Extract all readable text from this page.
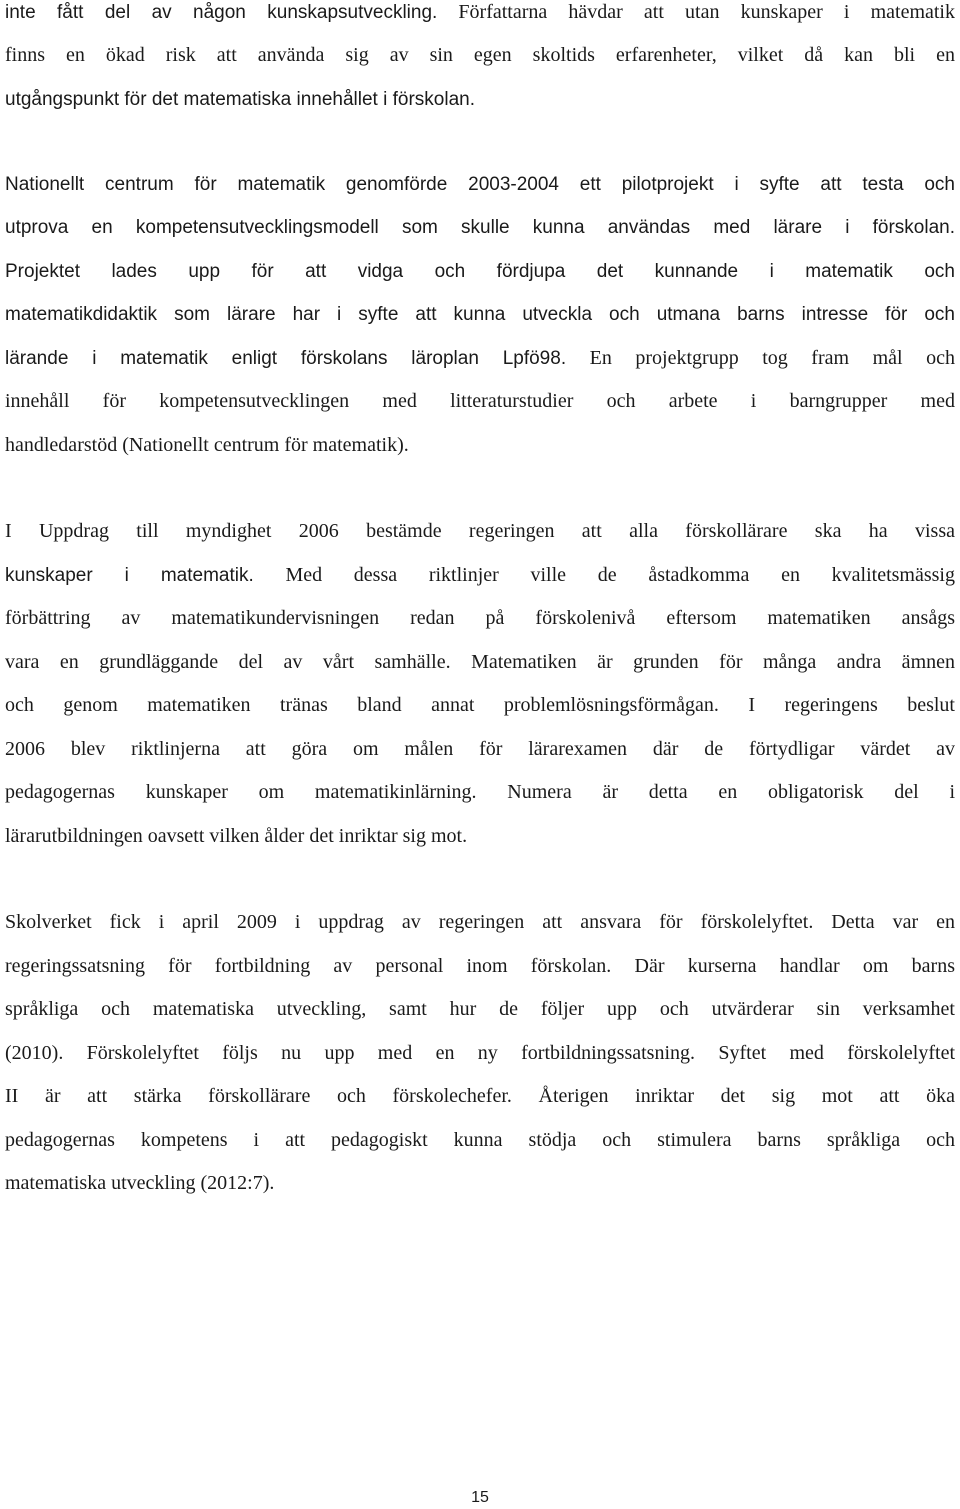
inte fått del av någon kunskapsutveckling. Författarna hävdar att utan kunskaper i matematik
finns en ökad risk att använda sig av sin egen skoltids erfarenheter, vilket då kan bli en
utgångspunkt för det matematiska innehållet i förskolan.
Nationellt centrum för matematik genomförde 2003-2004 ett pilotprojekt i syfte att testa och
utprova en kompetensutvecklingsmodell som skulle kunna användas med lärare i förskolan.
Projektet lades upp för att vidga och fördjupa det kunnande i matematik och
matematikdidaktik som lärare har i syfte att kunna utveckla och utmana barns intresse för och
lärande i matematik enligt förskolans läroplan Lpfö98. En projektgrupp tog fram mål och
innehåll för kompetensutvecklingen med litteraturstudier och arbete i barngrupper med
handledarstöd (Nationellt centrum för matematik).
I Uppdrag till myndighet 2006 bestämde regeringen att alla förskollärare ska ha vissa
kunskaper i matematik. Med dessa riktlinjer ville de åstadkomma en kvalitetsmässig
förbättring av matematikundervisningen redan på förskolenivå eftersom matematiken ansågs
vara en grundläggande del av vårt samhälle. Matematiken är grunden för många andra ämnen
och genom matematiken tränas bland annat problemlösningsförmågan. I regeringens beslut
2006 blev riktlinjerna att göra om målen för lärarexamen där de förtydligar värdet av
pedagogernas kunskaper om matematikinlärning. Numera är detta en obligatorisk del i
lärarutbildningen oavsett vilken ålder det inriktar sig mot.
Skolverket fick i april 2009 i uppdrag av regeringen att ansvara för förskolelyftet. Detta var en
regeringssatsning för fortbildning av personal inom förskolan. Där kurserna handlar om barns
språkliga och matematiska utveckling, samt hur de följer upp och utvärderar sin verksamhet
(2010). Förskolelyftet följs nu upp med en ny fortbildningssatsning. Syftet med förskolelyftet
II är att stärka förskollärare och förskolechefer. Återigen inriktar det sig mot att öka
pedagogernas kompetens i att pedagogiskt kunna stödja och stimulera barns språkliga och
matematiska utveckling (2012:7).
15
